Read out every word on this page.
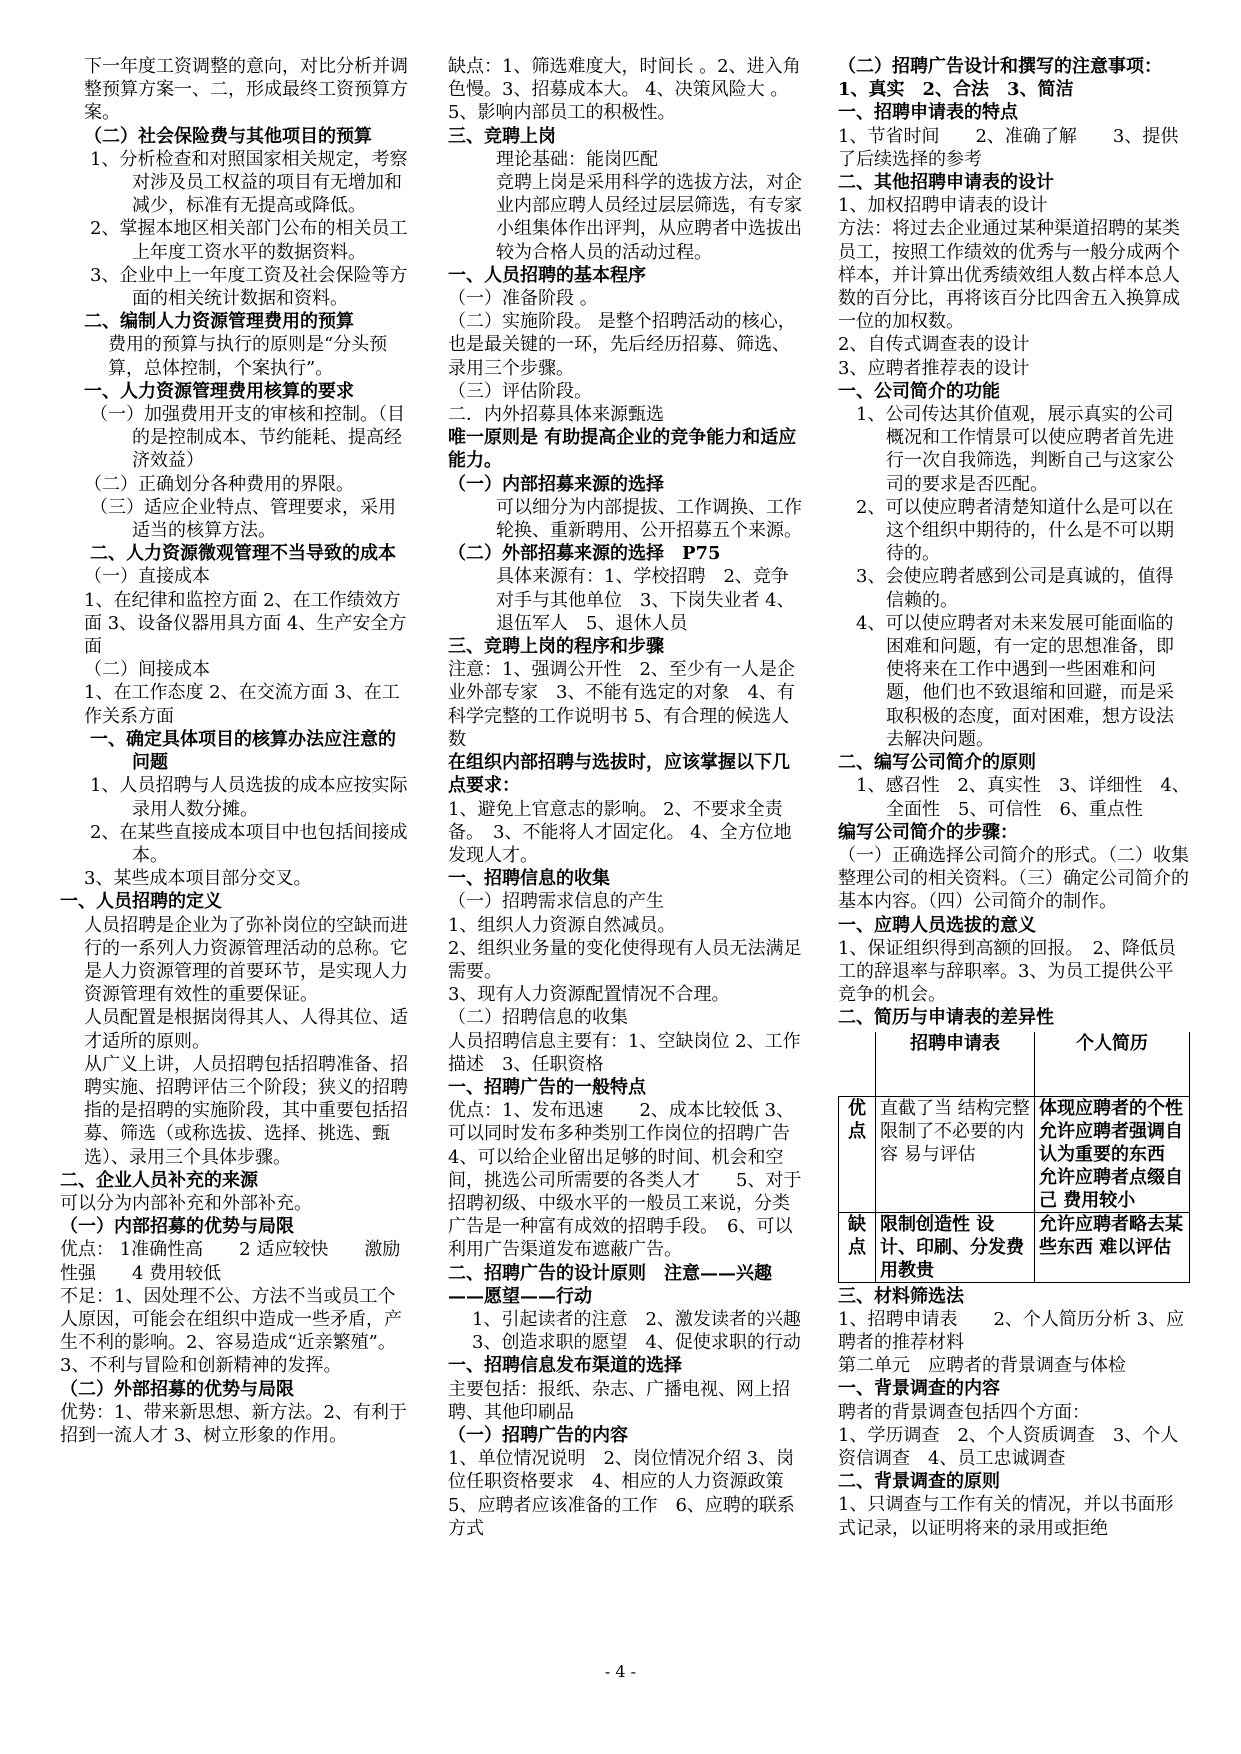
下一年度工资调整的意向，对比分析并调整预算方案一、二，形成最终工资预算方案。

（二）社会保险费与其他项目的预算

1、分析检查和对照国家相关规定，考察对涉及员工权益的项目有无增加和减少，标准有无提高或降低。

2、掌握本地区相关部门公布的相关员工上年度工资水平的数据资料。

3、企业中上一年度工资及社会保险等方面的相关统计数据和资料。

二、编制人力资源管理费用的预算

费用的预算与执行的原则是“分头预算，总体控制，个案执行”。

一、人力资源管理费用核算的要求

（一）加强费用开支的审核和控制。（目的是控制成本、节约能耗、提高经济效益）

（二）正确划分各种费用的界限。

（三）适应企业特点、管理要求，采用适当的核算方法。

二、人力资源微观管理不当导致的成本

（一）直接成本

1、在纪律和监控方面 2、在工作绩效方面 3、设备仪器用具方面 4、生产安全方面

（二）间接成本

1、在工作态度 2、在交流方面 3、在工作关系方面

一、确定具体项目的核算办法应注意的问题

1、人员招聘与人员选拔的成本应按实际录用人数分摊。

2、在某些直接成本项目中也包括间接成本。

3、某些成本项目部分交叉。

一、人员招聘的定义

人员招聘是企业为了弥补岗位的空缺而进行的一系列人力资源管理活动的总称。它是人力资源管理的首要环节，是实现人力资源管理有效性的重要保证。

人员配置是根据岗得其人、人得其位、适才适所的原则。

从广义上讲，人员招聘包括招聘准备、招聘实施、招聘评估三个阶段；狭义的招聘指的是招聘的实施阶段，其中重要包括招募、筛选（或称选拔、选择、挑选、甄选）、录用三个具体步骤。

二、企业人员补充的来源

可以分为内部补充和外部补充。

（一）内部招募的优势与局限

优点： 1准确性高　　2 适应较快　　激励性强　　4 费用较低

不足：1、因处理不公、方法不当或员工个人原因，可能会在组织中造成一些矛盾，产生不利的影响。2、容易造成“近亲繁殖”。3、不利与冒险和创新精神的发挥。

（二）外部招募的优势与局限

优势：1、带来新思想、新方法。2、有利于招到一流人才 3、树立形象的作用。

缺点：1、筛选难度大，时间长 。2、进入角色慢。3、招募成本大。 4、决策风险大 。　　　5、影响内部员工的积极性。

三、竞聘上岗

理论基础：能岗匹配

竞聘上岗是采用科学的选拔方法，对企业内部应聘人员经过层层筛选，有专家小组集体作出评判，从应聘者中选拔出较为合格人员的活动过程。

一、人员招聘的基本程序

（一）准备阶段 。

（二）实施阶段。 是整个招聘活动的核心，也是最关键的一环，先后经历招募、筛选、录用三个步骤。

（三）评估阶段。

二．内外招募具体来源甄选

唯一原则是 有助提高企业的竞争能力和适应能力。

（一）内部招募来源的选择

可以细分为内部提拔、工作调换、工作轮换、重新聘用、公开招募五个来源。

（二）外部招募来源的选择　P75

具体来源有：1、学校招聘　2、竞争对手与其他单位　3、下岗失业者 4、退伍军人　5、退休人员

三、竞聘上岗的程序和步骤

注意：1、强调公开性　2、至少有一人是企业外部专家　3、不能有选定的对象　4、有科学完整的工作说明书 5、有合理的候选人数

在组织内部招聘与选拔时，应该掌握以下几点要求：

1、避免上官意志的影响。 2、不要求全责备。　3、不能将人才固定化。 4、全方位地发现人才。

一、招聘信息的收集

（一）招聘需求信息的产生

1、组织人力资源自然减员。

2、组织业务量的变化使得现有人员无法满足需要。

3、现有人力资源配置情况不合理。

（二）招聘信息的收集

人员招聘信息主要有：1、空缺岗位 2、工作描述　3、任职资格

一、招聘广告的一般特点

优点：1、发布迅速　　2、成本比较低 3、可以同时发布多种类别工作岗位的招聘广告　4、可以给企业留出足够的时间、机会和空间，挑选公司所需要的各类人才　　5、对于招聘初级、中级水平的一般员工来说，分类广告是一种富有成效的招聘手段。　6、可以利用广告渠道发布遮蔽广告。

二、招聘广告的设计原则　注意——兴趣——愿望——行动

1、引起读者的注意　2、激发读者的兴趣　3、创造求职的愿望　4、促使求职的行动

一、招聘信息发布渠道的选择

主要包括：报纸、杂志、广播电视、网上招聘、其他印刷品

（一）招聘广告的内容

1、单位情况说明　2、岗位情况介绍 3、岗位任职资格要求　4、相应的人力资源政策 5、应聘者应该准备的工作　6、应聘的联系方式

（二）招聘广告设计和撰写的注意事项：　1、真实　2、合法　3、简洁

一、招聘申请表的特点

1、节省时间　　2、准确了解　　3、提供了后续选择的参考

二、其他招聘申请表的设计

1、加权招聘申请表的设计

方法：将过去企业通过某种渠道招聘的某类员工，按照工作绩效的优秀与一般分成两个样本，并计算出优秀绩效组人数占样本总人数的百分比，再将该百分比四舍五入换算成一位的加权数。

2、自传式调查表的设计

3、应聘者推荐表的设计

一、公司简介的功能

1、公司传达其价值观，展示真实的公司概况和工作情景可以使应聘者首先进行一次自我筛选，判断自己与这家公司的要求是否匹配。

2、可以使应聘者清楚知道什么是可以在这个组织中期待的，什么是不可以期待的。

3、会使应聘者感到公司是真诚的，值得信赖的。

4、可以使应聘者对未来发展可能面临的困难和问题，有一定的思想准备，即使将来在工作中遇到一些困难和问题，他们也不致退缩和回避，而是采取积极的态度，面对困难，想方设法去解决问题。

二、编写公司简介的原则

1、感召性　2、真实性　3、详细性　4、全面性　5、可信性　6、重点性

编写公司简介的步骤：

（一）正确选择公司简介的形式。（二）收集整理公司的相关资料。（三）确定公司简介的基本内容。（四）公司简介的制作。

一、应聘人员选拔的意义

1、保证组织得到高额的回报。　2、降低员工的辞退率与辞职率。3、为员工提供公平竞争的机会。

二、简历与申请表的差异性

	招聘申请表	个人简历
优点	直截了当 结构完整 限制了不必要的内容 易与评估	体现应聘者的个性 允许应聘者强调自认为重要的东西 允许应聘者点缀自己 费用较小
缺点	限制创造性 设计、印刷、分发费用教贵	允许应聘者略去某些东西 难以评估

三、材料筛选法

1、招聘申请表　　2、个人简历分析 3、应聘者的推荐材料

第二单元　应聘者的背景调查与体检

一、背景调查的内容

聘者的背景调查包括四个方面：

1、学历调查　2、个人资质调查　3、个人资信调查　4、员工忠诚调查

二、背景调查的原则

1、只调查与工作有关的情况，并以书面形式记录，以证明将来的录用或拒绝

- 4 -
